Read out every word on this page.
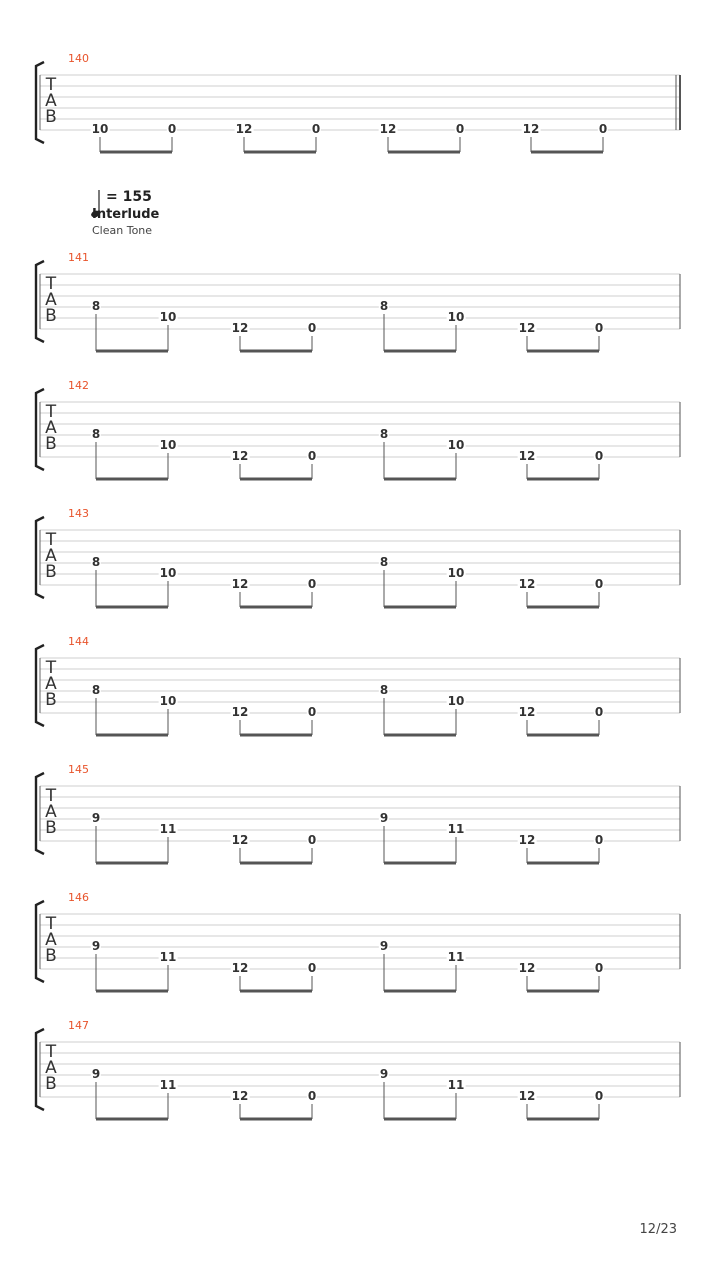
= 155
Interlude
Clean Tone
140
T
A
B
10	0	12	0	12	0	12	0
141
T
A
B	8
10
12	0
8
10
12	0
142
T
A
B	8
10
12	0
8
10
12	0
143
T
A
B	8
10
12	0
8
10
12	0
144
T
A
B	8
10
12	0
8
10
12	0
145
T
A
B	9
11
12	0
9
11
12	0
146
T
A
B	9
11
12	0
9
11
12	0
147
T
A
B	9
11
12	0
9
11
12	0
12/23
